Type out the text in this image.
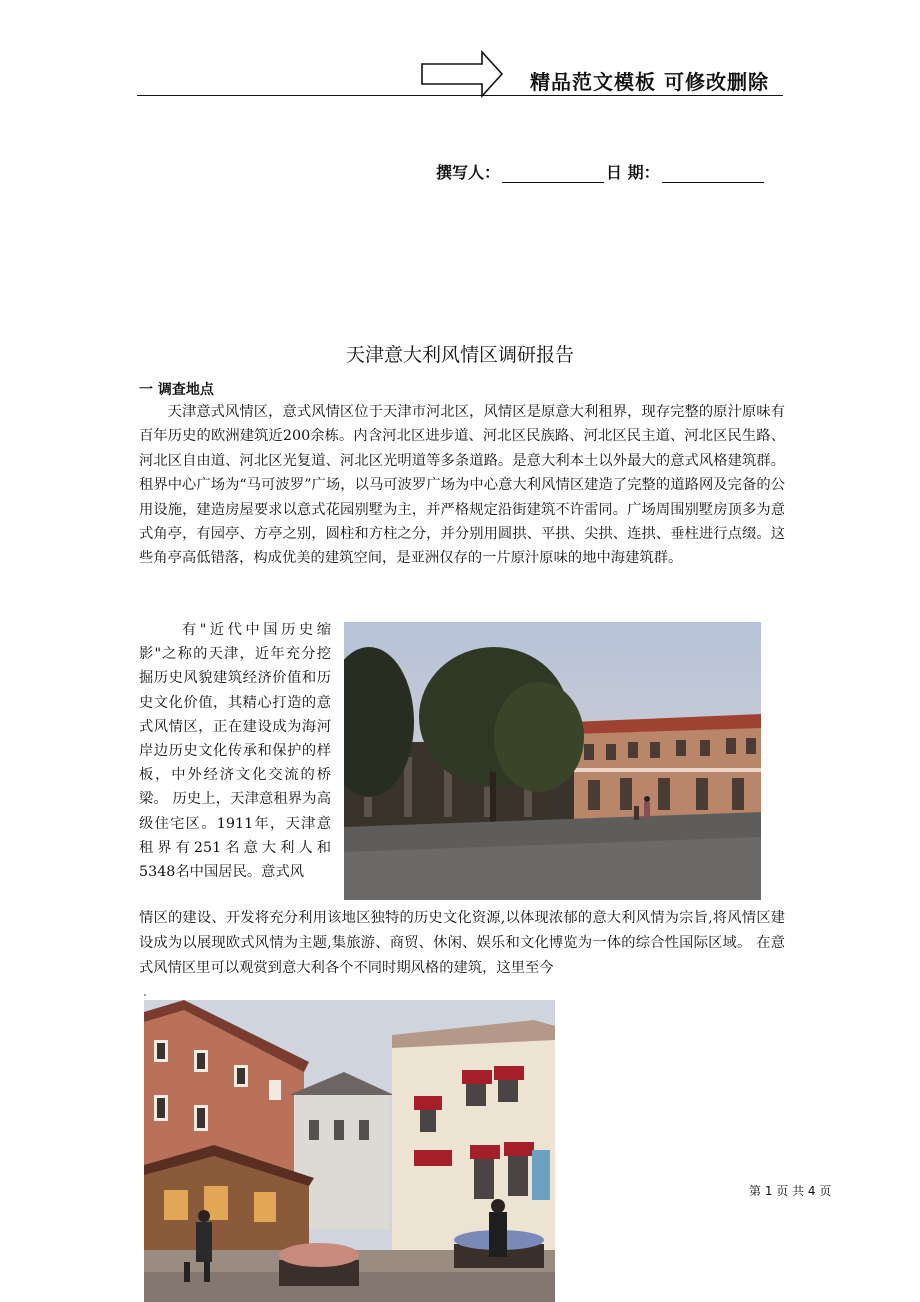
精品范文模板 可修改删除
撰写人：	日 期：
天津意大利风情区调研报告
一 调查地点

天津意式风情区，意式风情区位于天津市河北区，风情区是原意大利租界，现存完整的原汁原味有百年历史的欧洲建筑近200余栋。内含河北区进步道、河北区民族路、河北区民主道、河北区民生路、河北区自由道、河北区光复道、河北区光明道等多条道路。是意大利本土以外最大的意式风格建筑群。租界中心广场为“马可波罗”广场，以马可波罗广场为中心意大利风情区建造了完整的道路网及完备的公用设施，建造房屋要求以意式花园别墅为主，并严格规定沿街建筑不许雷同。广场周围别墅房顶多为意式角亭，有园亭、方亭之别，圆柱和方柱之分，并分别用圆拱、平拱、尖拱、连拱、垂柱进行点缀。这些角亭高低错落，构成优美的建筑空间，是亚洲仅存的一片原汁原味的地中海建筑群。

有"近代中国历史缩影"之称的天津，近年充分挖掘历史风貌建筑经济价值和历史文化价值，其精心打造的意式风情区，正在建设成为海河岸边历史文化传承和保护的样板，中外经济文化交流的桥梁。 历史上，天津意租界为高级住宅区。1911年，天津意租界有251名意大利人和5348名中国居民。意式风

情区的建设、开发将充分利用该地区独特的历史文化资源,以体现浓郁的意大利风情为宗旨,将风情区建设成为以展现欧式风情为主题,集旅游、商贸、休闲、娱乐和文化博览为一体的综合性国际区域。 在意式风情区里可以观赏到意大利各个不同时期风格的建筑，这里至今

第 1 页 共 4 页
